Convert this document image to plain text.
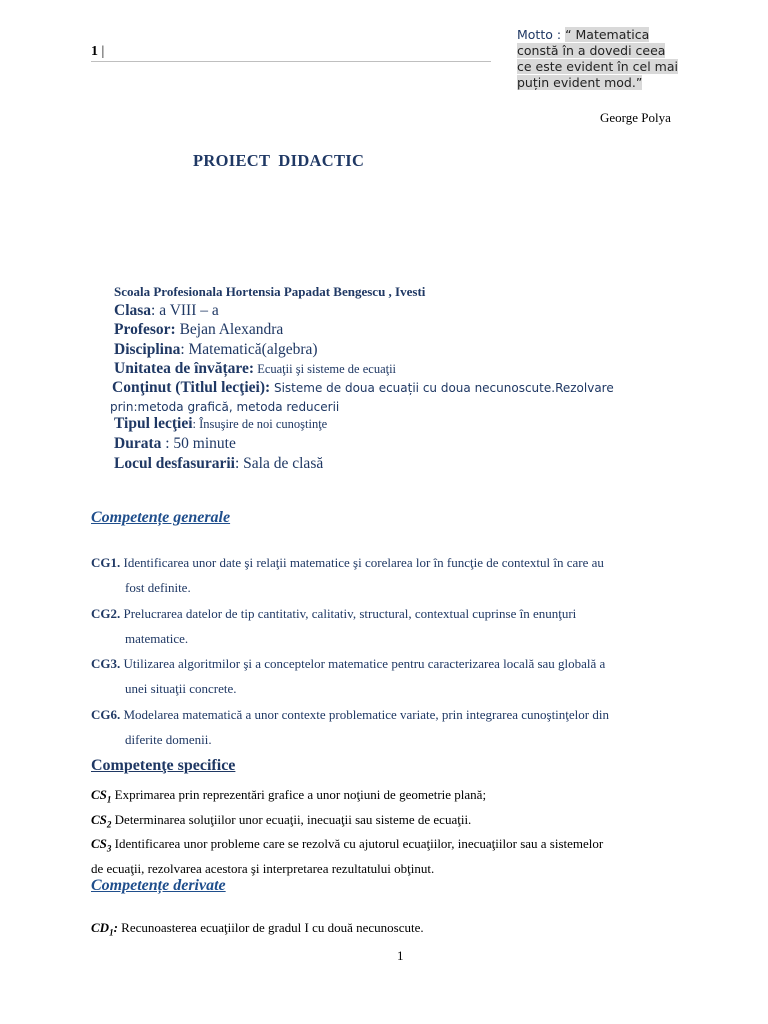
1 |
Motto : “ Matematica
constă în a dovedi ceea
ce este evident în cel mai
puțin evident mod.”
George Polya
PROIECT DIDACTIC
Scoala Profesionala Hortensia Papadat Bengescu , Ivesti
Clasa: a VIII – a
Profesor: Bejan Alexandra
Disciplina: Matematică(algebra)
Unitatea de învățare: Ecuaţii şi sisteme de ecuaţii
Conţinut (Titlul lecţiei): Sisteme de doua ecuații cu doua necunoscute.Rezolvare
prin:metoda grafică, metoda reducerii
Tipul lecţiei: Însuşire de noi cunoştinţe
Durata : 50 minute
Locul desfasurarii: Sala de clasă
Competențe generale
CG1. Identificarea unor date şi relaţii matematice şi corelarea lor în funcţie de contextul în care au
fost definite.
CG2. Prelucrarea datelor de tip cantitativ, calitativ, structural, contextual cuprinse în enunţuri
matematice.
CG3. Utilizarea algoritmilor şi a conceptelor matematice pentru caracterizarea locală sau globală a
unei situaţii concrete.
CG6. Modelarea matematică a unor contexte problematice variate, prin integrarea cunoştinţelor din
diferite domenii.
Competenţe specifice
$CS_1$ Exprimarea prin reprezentări grafice a unor noţiuni de geometrie plană;
$CS_2$ Determinarea soluţiilor unor ecuaţii, inecuaţii sau sisteme de ecuaţii.
$CS_3$ Identificarea unor probleme care se rezolvă cu ajutorul ecuaţiilor, inecuaţiilor sau a sistemelor
de ecuaţii, rezolvarea acestora şi interpretarea rezultatului obţinut.
Competențe derivate
$CD_1$: Recunoasterea ecuaţiilor de gradul I cu două necunoscute.
1
